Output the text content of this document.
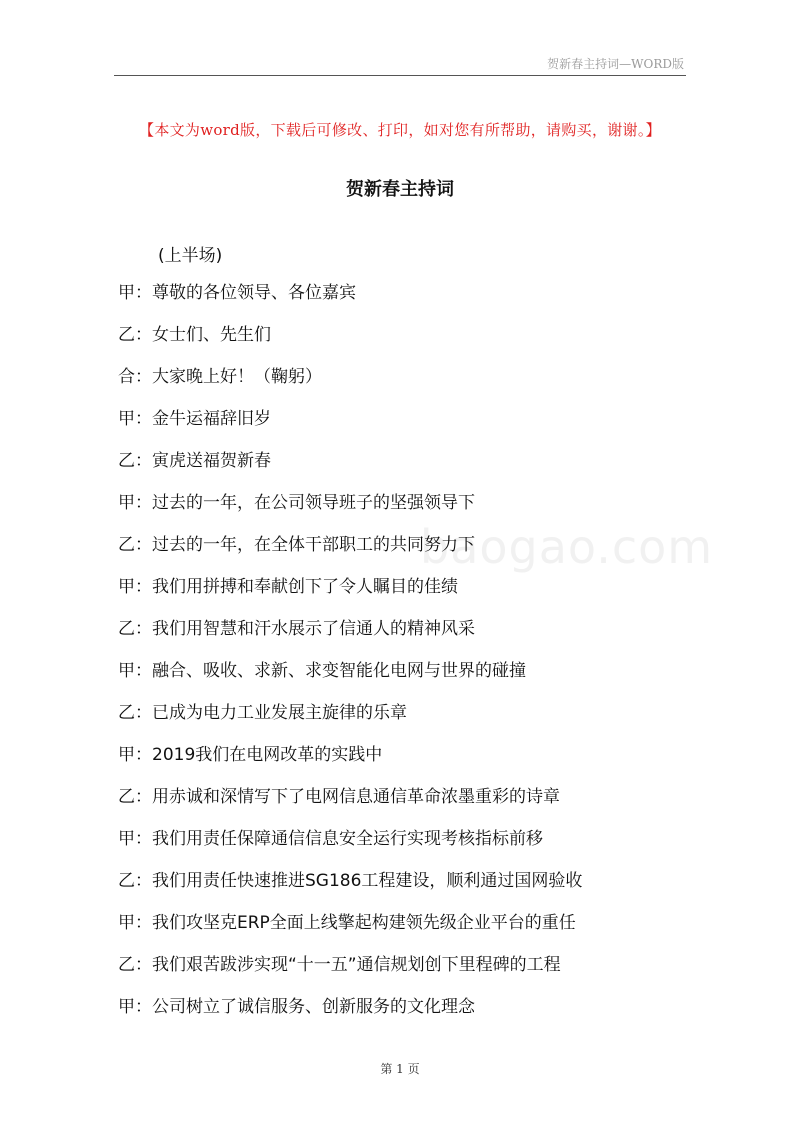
贺新春主持词—WORD版
baogao.com
【本文为word版，下载后可修改、打印，如对您有所帮助，请购买，谢谢。】
贺新春主持词
(上半场)
甲：尊敬的各位领导、各位嘉宾
乙：女士们、先生们
合：大家晚上好！（鞠躬）
甲：金牛运福辞旧岁
乙：寅虎送福贺新春
甲：过去的一年，在公司领导班子的坚强领导下
乙：过去的一年，在全体干部职工的共同努力下
甲：我们用拼搏和奉献创下了令人瞩目的佳绩
乙：我们用智慧和汗水展示了信通人的精神风采
甲：融合、吸收、求新、求变智能化电网与世界的碰撞
乙：已成为电力工业发展主旋律的乐章
甲：2019我们在电网改革的实践中
乙：用赤诚和深情写下了电网信息通信革命浓墨重彩的诗章
甲：我们用责任保障通信信息安全运行实现考核指标前移
乙：我们用责任快速推进SG186工程建设，顺利通过国网验收
甲：我们攻坚克ERP全面上线擎起构建领先级企业平台的重任
乙：我们艰苦跋涉实现“十一五”通信规划创下里程碑的工程
甲：公司树立了诚信服务、创新服务的文化理念
第 1 页
